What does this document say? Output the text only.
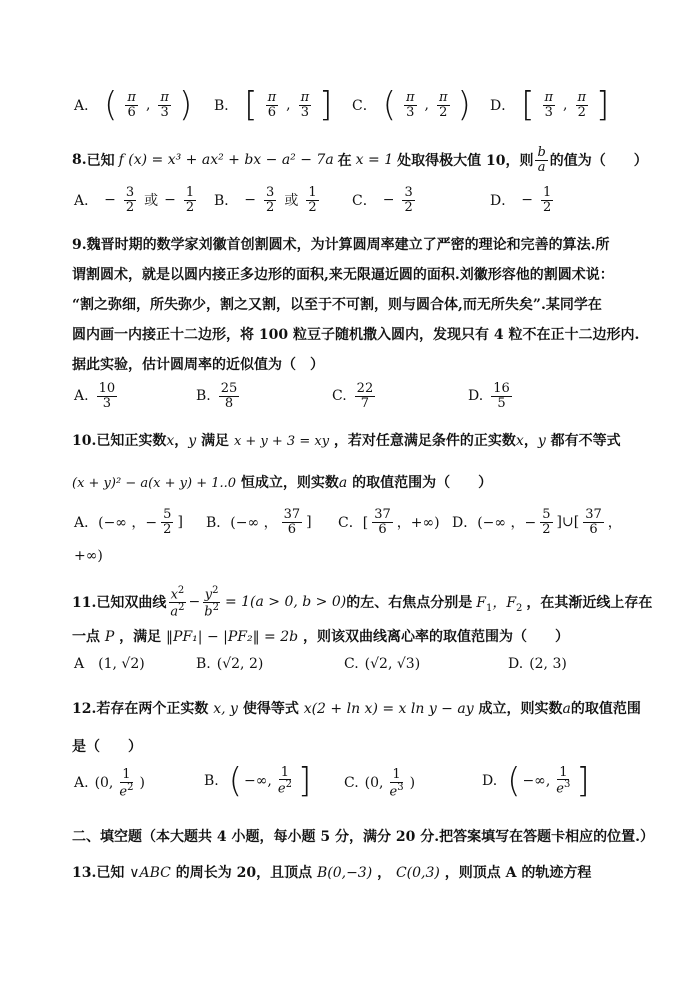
A． ( $\frac{\pi}{6}$ , $\frac{\pi}{3}$ ) B． [ $\frac{\pi}{6}$ , $\frac{\pi}{3}$ ] C． ( $\frac{\pi}{3}$ , $\frac{\pi}{2}$ ) D． [ $\frac{\pi}{3}$ , $\frac{\pi}{2}$ ]
8. 已知 f (x) = x³ + ax² + bx − a² − 7a 在 x = 1 处取得极大值 10，则 $\frac{b}{a}$ 的值为（　　）
A． − $\frac{3}{2}$ 或 − $\frac{1}{2}$ B． − $\frac{3}{2}$ 或 $\frac{1}{2}$ C． − $\frac{3}{2}$	D． − $\frac{1}{2}$
9.魏晋时期的数学家刘徽首创割圆术，为计算圆周率建立了严密的理论和完善的算法.所
谓割圆术，就是以圆内接正多边形的面积,来无限逼近圆的面积.刘徽形容他的割圆术说：
“割之弥细，所失弥少，割之又割，以至于不可割，则与圆合体,而无所失矣”.某同学在
圆内画一内接正十二边形，将 100 粒豆子随机撒入圆内，发现只有 4 粒不在正十二边形内.
据此实验，估计圆周率的近似值为（　）
A. $\frac{10}{3}$	B. $\frac{25}{8}$	C. $\frac{22}{7}$	D. $\frac{16}{5}$
10.已知正实数x，y 满足 x + y + 3 = xy ，若对任意满足条件的正实数x，y 都有不等式
(x + y)² − a(x + y) + 1..0 恒成立，则实数a 的取值范围为（　　）
A．(−∞ ，− $\frac{5}{2}$ ] B．(−∞ ， $\frac{37}{6}$ ] C．[ $\frac{37}{6}$ ，+∞) D．(−∞ ，− $\frac{5}{2}$ ]∪[ $\frac{37}{6}$ ，
+∞)
11.已知双曲线 $\frac{x^2}{a^2} - \frac{y^2}{b^2} = 1(a > 0$, b > 0) 的左、右焦点分别是 $F_1$，$F_2$ ，在其渐近线上存在
一点 P ，满足 ‖PF₁| − |PF₂‖ = 2b ，则该双曲线离心率的取值范围为（　　）
A (1, √2)	B. (√2, 2)	C. (√2, √3)	D. (2, 3)
12.若存在两个正实数 x, y 使得等式 x(2 + ln x) = x ln y − ay 成立，则实数a的取值范围
是（　　）
A. (0, $\frac{1}{e^2}$ )	B. ( −∞, $\frac{1}{e^2}$ ] C. (0, $\frac{1}{e^3}$ )	D. ( −∞, $\frac{1}{e^3}$ ]
二、填空题（本大题共 4 小题，每小题 5 分，满分 20 分.把答案填写在答题卡相应的位置.）
13.已知 ∨ABC 的周长为 20，且顶点 B(0,−3) ， C(0,3) ，则顶点 A 的轨迹方程
